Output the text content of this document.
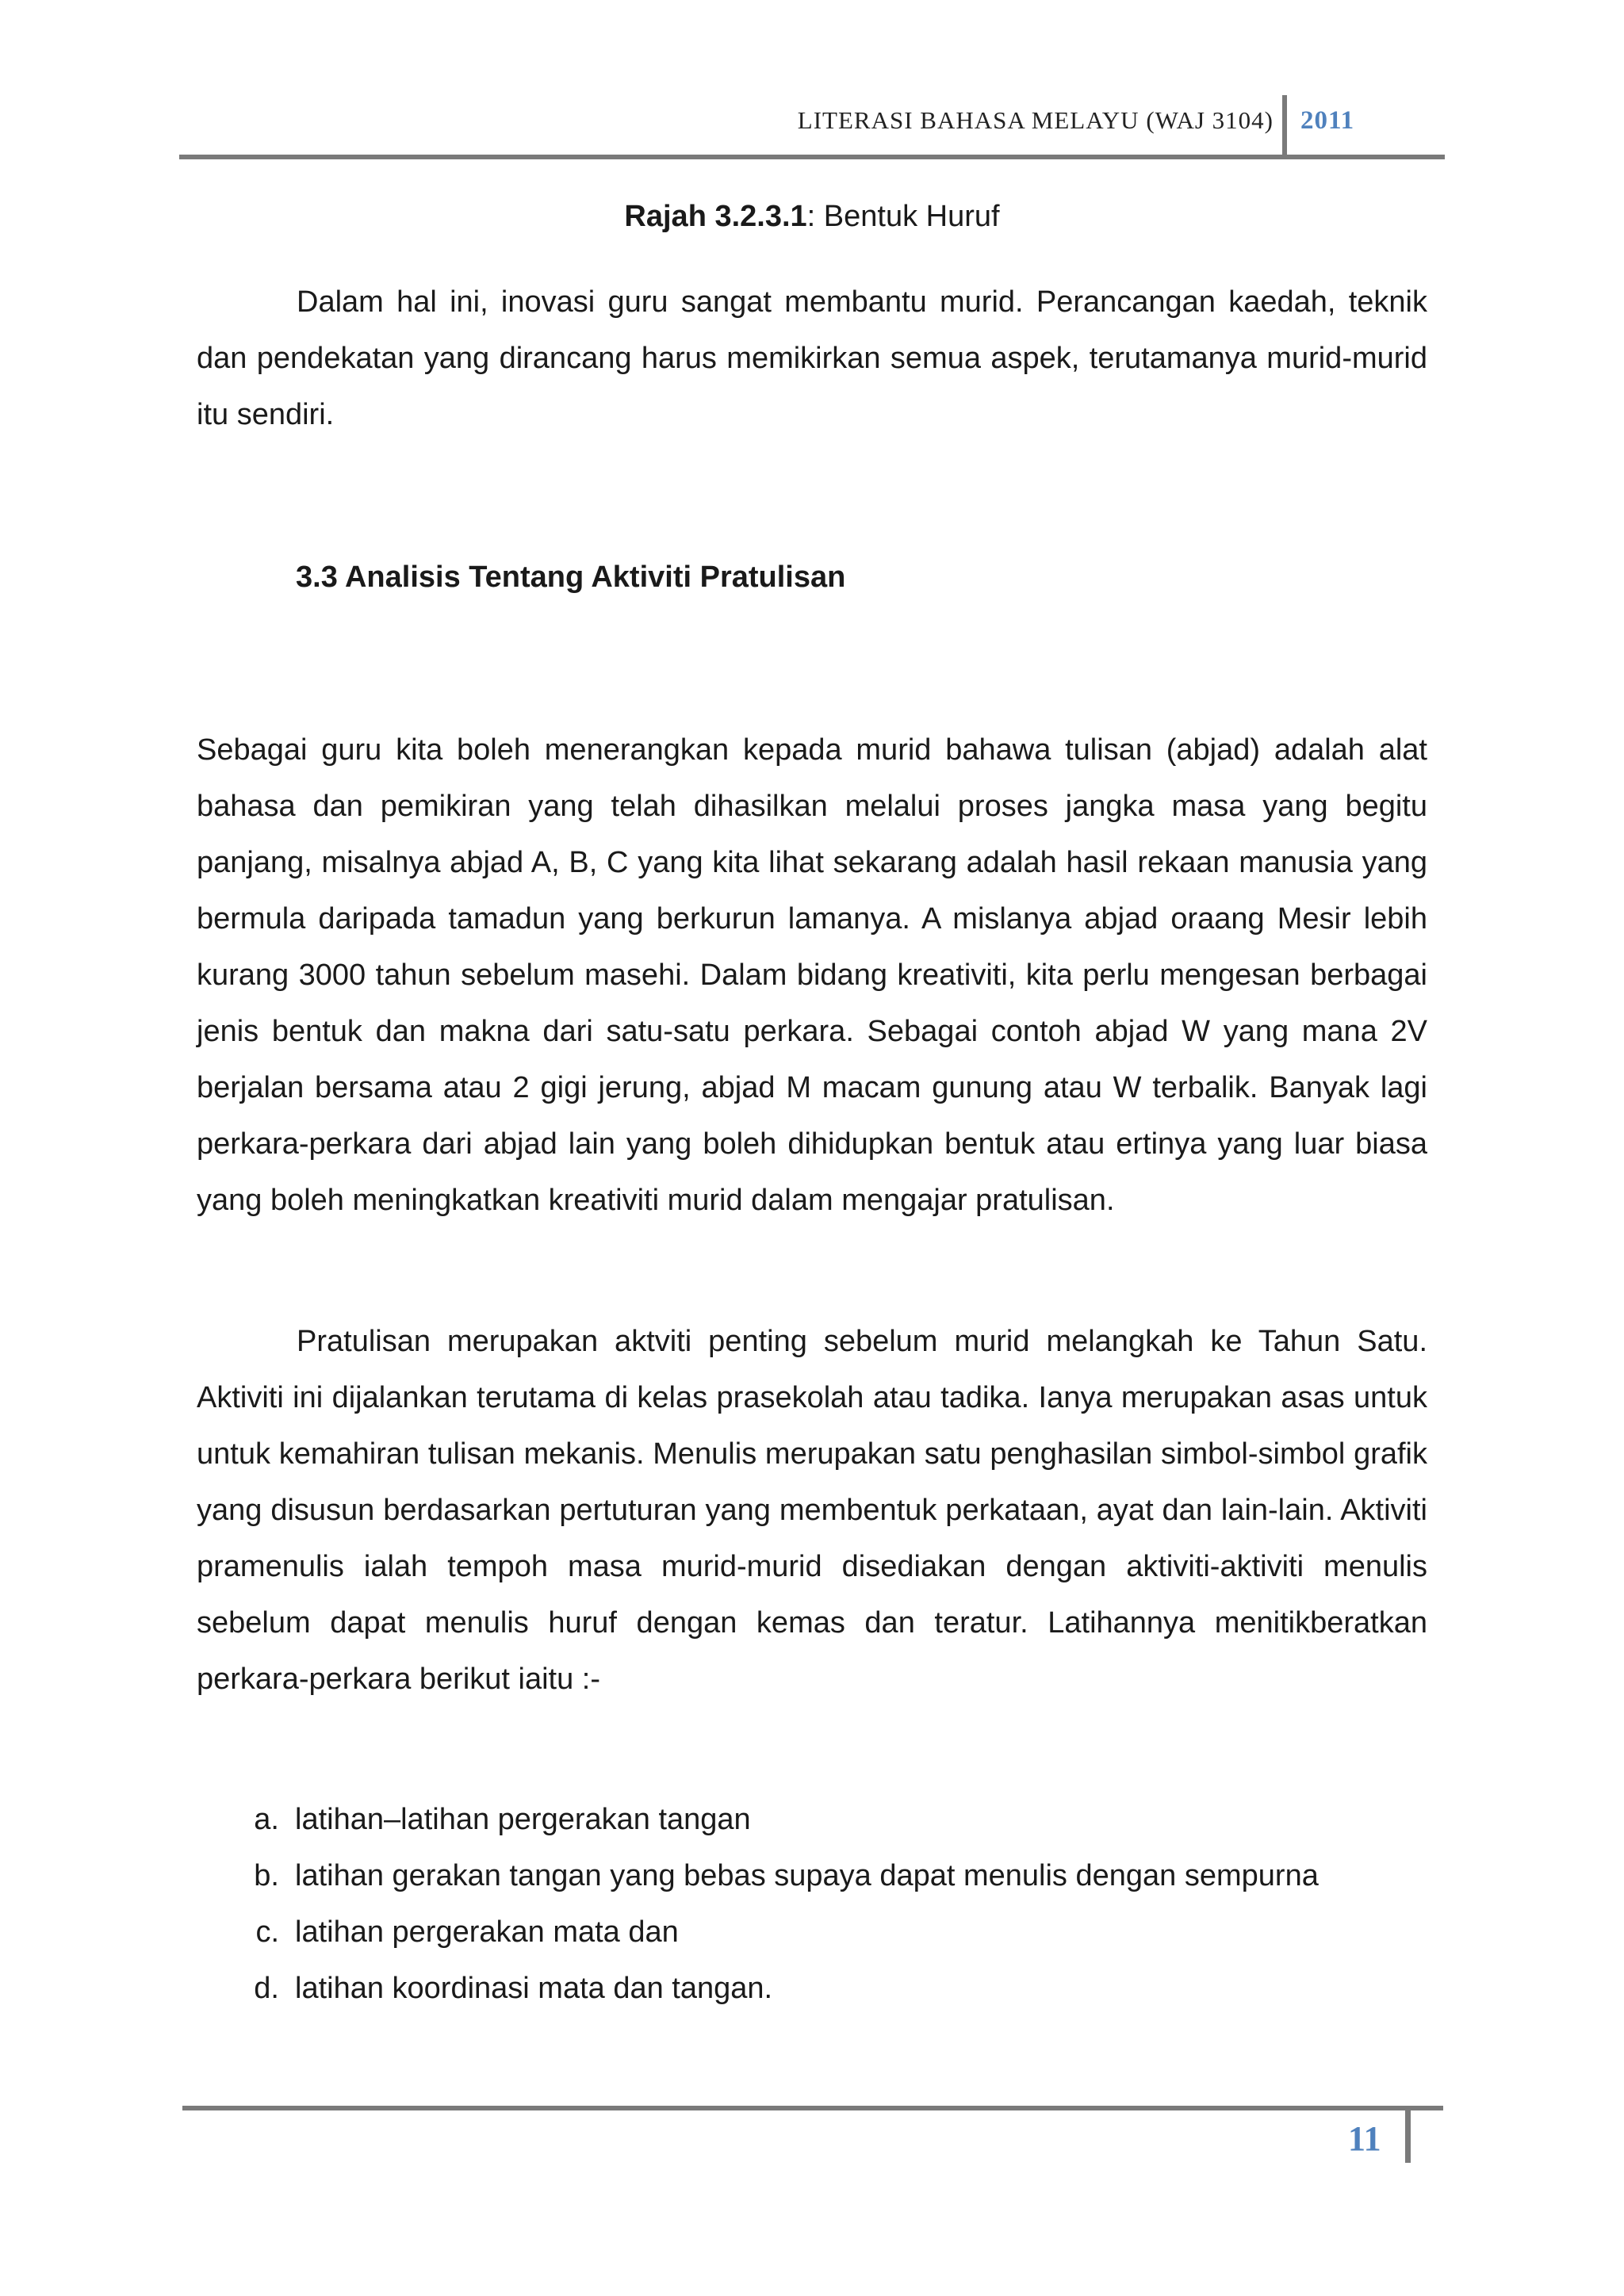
LITERASI BAHASA MELAYU (WAJ 3104) 2011
Rajah 3.2.3.1: Bentuk Huruf

Dalam hal ini, inovasi guru sangat membantu murid. Perancangan kaedah, teknik dan pendekatan yang dirancang harus memikirkan semua aspek, terutamanya murid-murid itu sendiri.

3.3 Analisis Tentang Aktiviti Pratulisan

Sebagai guru kita boleh menerangkan kepada murid bahawa tulisan (abjad) adalah alat bahasa dan pemikiran yang telah dihasilkan melalui proses jangka masa yang begitu panjang, misalnya abjad A, B, C yang kita lihat sekarang adalah hasil rekaan manusia yang bermula daripada tamadun yang berkurun lamanya. A mislanya abjad oraang Mesir lebih kurang 3000 tahun sebelum masehi. Dalam bidang kreativiti, kita perlu mengesan berbagai jenis bentuk dan makna dari satu-satu perkara. Sebagai contoh abjad W yang mana 2V berjalan bersama atau 2 gigi jerung, abjad M macam gunung atau W terbalik. Banyak lagi perkara-perkara dari abjad lain yang boleh dihidupkan bentuk atau ertinya yang luar biasa yang boleh meningkatkan kreativiti murid dalam mengajar pratulisan.

Pratulisan merupakan aktviti penting sebelum murid melangkah ke Tahun Satu. Aktiviti ini dijalankan terutama di kelas prasekolah atau tadika. Ianya merupakan asas untuk untuk kemahiran tulisan mekanis. Menulis merupakan satu penghasilan simbol-simbol grafik yang disusun berdasarkan pertuturan yang membentuk perkataan, ayat dan lain-lain. Aktiviti pramenulis ialah tempoh masa murid-murid disediakan dengan aktiviti-aktiviti menulis sebelum dapat menulis huruf dengan kemas dan teratur. Latihannya menitikberatkan perkara-perkara berikut iaitu :-

a. latihan–latihan pergerakan tangan
b. latihan gerakan tangan yang bebas supaya dapat menulis dengan sempurna
c. latihan pergerakan mata dan
d. latihan koordinasi mata dan tangan.
11
